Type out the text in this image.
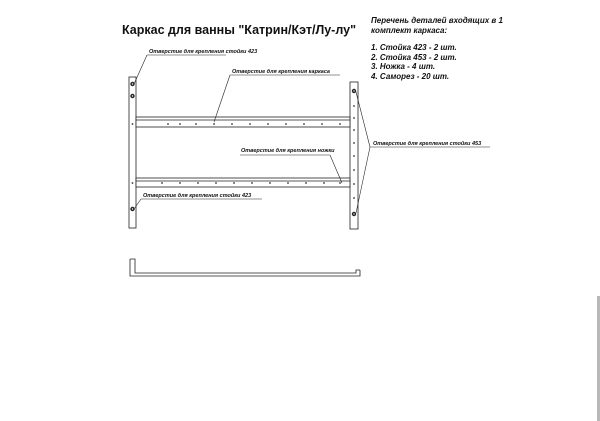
Каркас для ванны "Катрин/Кэт/Лу-лу"
Перечень деталей входящих в 1
комплект каркаса:
1. Стойка 423 - 2 шт.
2. Стойка 453 - 2 шт.
3. Ножка - 4 шт.
4. Саморез - 20 шт.
Отверстие для крепления стойки 423
Отверстие для крепления каркаса
Отверстие для крепления ножки
Отверстие для крепления стойки 453
Отверстие для крепления стойки 423
